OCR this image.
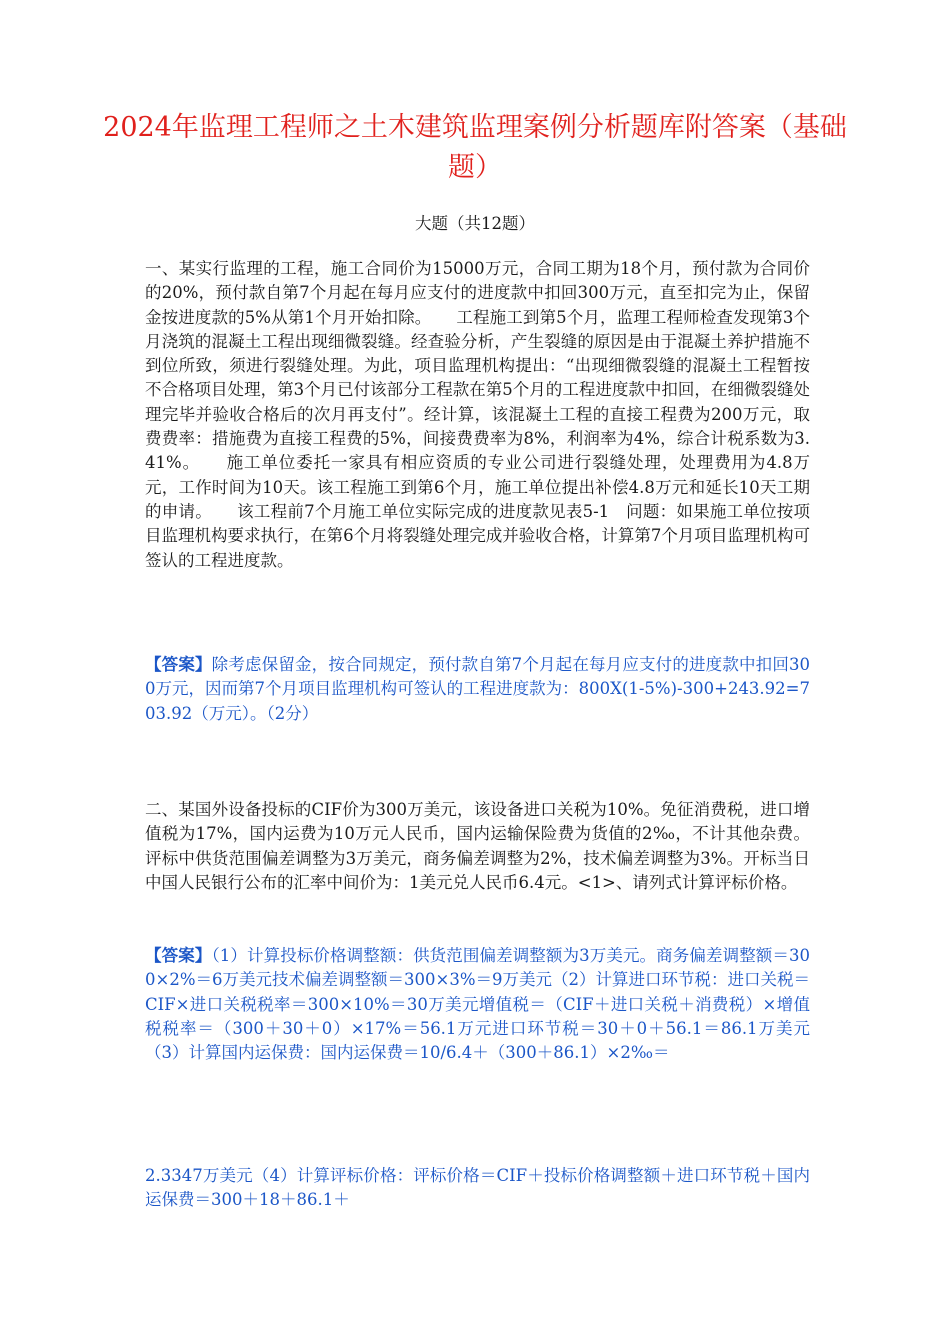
2024年监理工程师之土木建筑监理案例分析题库附答案（基础题）

大题（共12题）

一、某实行监理的工程，施工合同价为15000万元，合同工期为18个月，预付款为合同价的20%，预付款自第7个月起在每月应支付的进度款中扣回300万元，直至扣完为止，保留金按进度款的5%从第1个月开始扣除。　　工程施工到第5个月，监理工程师检查发现第3个月浇筑的混凝土工程出现细微裂缝。经查验分析，产生裂缝的原因是由于混凝土养护措施不到位所致，须进行裂缝处理。为此，项目监理机构提出：“出现细微裂缝的混凝土工程暂按不合格项目处理，第3个月已付该部分工程款在第5个月的工程进度款中扣回，在细微裂缝处理完毕并验收合格后的次月再支付”。经计算，该混凝土工程的直接工程费为200万元，取费费率：措施费为直接工程费的5%，间接费费率为8%，利润率为4%，综合计税系数为3.41%。　　施工单位委托一家具有相应资质的专业公司进行裂缝处理，处理费用为4.8万元，工作时间为10天。该工程施工到第6个月，施工单位提出补偿4.8万元和延长10天工期的申请。　　该工程前7个月施工单位实际完成的进度款见表5-1　问题：如果施工单位按项目监理机构要求执行，在第6个月将裂缝处理完成并验收合格，计算第7个月项目监理机构可签认的工程进度款。

【答案】除考虑保留金，按合同规定，预付款自第7个月起在每月应支付的进度款中扣回300万元，因而第7个月项目监理机构可签认的工程进度款为：800X(1-5%)-300+243.92=703.92（万元）。（2分）

二、某国外设备投标的CIF价为300万美元，该设备进口关税为10%。免征消费税，进口增值税为17%，国内运费为10万元人民币，国内运输保险费为货值的2‰，不计其他杂费。评标中供货范围偏差调整为3万美元，商务偏差调整为2%，技术偏差调整为3%。开标当日中国人民银行公布的汇率中间价为：1美元兑人民币6.4元。<1>、请列式计算评标价格。

【答案】（1）计算投标价格调整额：供货范围偏差调整额为3万美元。商务偏差调整额＝300×2%＝6万美元技术偏差调整额＝300×3%＝9万美元（2）计算进口环节税：进口关税＝CIF×进口关税税率＝300×10%＝30万美元增值税＝（CIF＋进口关税＋消费税）×增值税税率＝（300＋30＋0）×17%＝56.1万元进口环节税＝30＋0＋56.1＝86.1万美元（3）计算国内运保费：国内运保费＝10/6.4＋（300＋86.1）×2‰＝

2.3347万美元（4）计算评标价格：评标价格＝CIF＋投标价格调整额＋进口环节税＋国内运保费＝300＋18＋86.1＋
